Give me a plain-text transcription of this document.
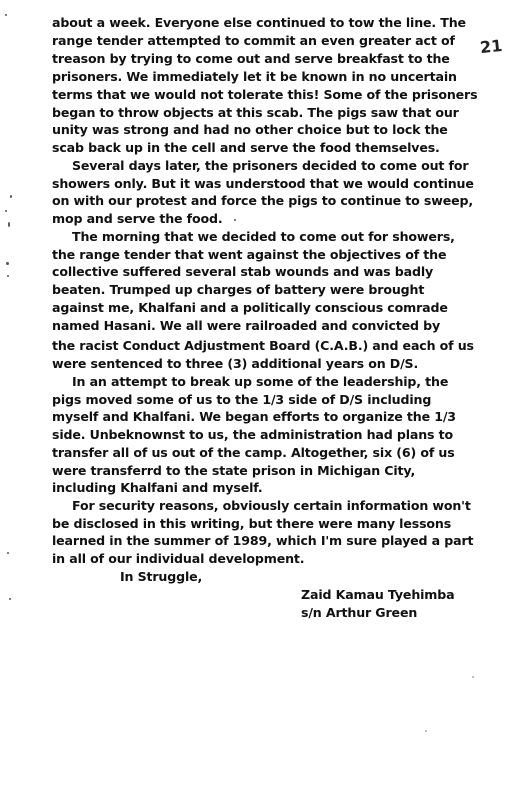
21
about a week. Everyone else continued to tow the line. The
range tender attempted to commit an even greater act of
treason by trying to come out and serve breakfast to the
prisoners. We immediately let it be known in no uncertain
terms that we would not tolerate this! Some of the prisoners
began to throw objects at this scab. The pigs saw that our
unity was strong and had no other choice but to lock the
scab back up in the cell and serve the food themselves.
Several days later, the prisoners decided to come out for
showers only. But it was understood that we would continue
on with our protest and force the pigs to continue to sweep,
mop and serve the food.
The morning that we decided to come out for showers,
the range tender that went against the objectives of the
collective suffered several stab wounds and was badly
beaten. Trumped up charges of battery were brought
against me, Khalfani and a politically conscious comrade
named Hasani. We all were railroaded and convicted by
the racist Conduct Adjustment Board (C.A.B.) and each of us
were sentenced to three (3) additional years on D/S.
In an attempt to break up some of the leadership, the
pigs moved some of us to the 1/3 side of D/S including
myself and Khalfani. We began efforts to organize the 1/3
side. Unbeknownst to us, the administration had plans to
transfer all of us out of the camp. Altogether, six (6) of us
were transferrd to the state prison in Michigan City,
including Khalfani and myself.
For security reasons, obviously certain information won't
be disclosed in this writing, but there were many lessons
learned in the summer of 1989, which I'm sure played a part
in all of our individual development.
In Struggle,
Zaid Kamau Tyehimba
s/n Arthur Green
